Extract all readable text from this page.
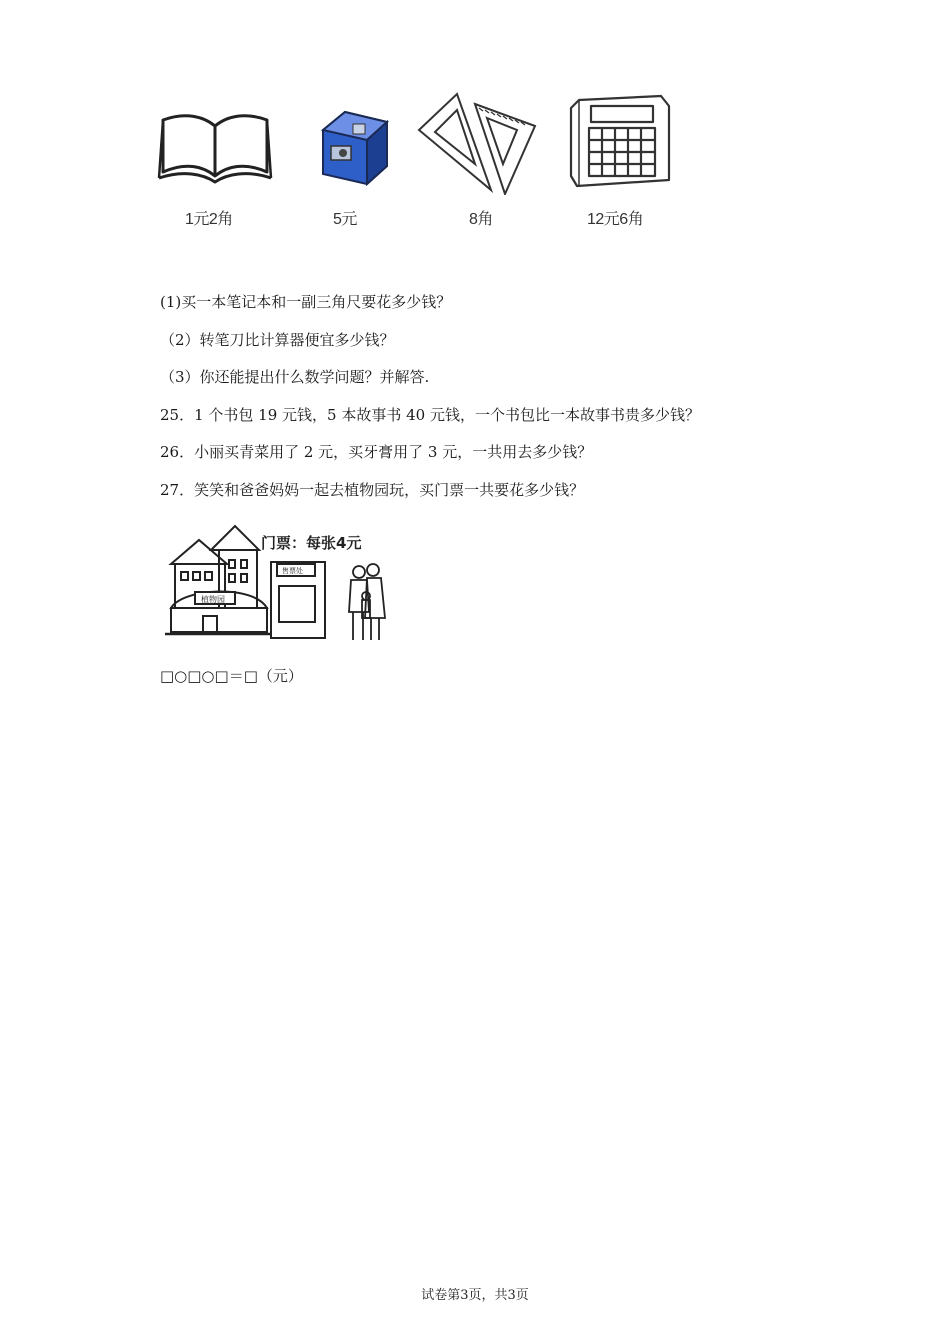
1元2角	5元	8角	12元6角
(1)买一本笔记本和一副三角尺要花多少钱？
（2）转笔刀比计算器便宜多少钱？
（3）你还能提出什么数学问题？并解答.
25．1 个书包 19 元钱，5 本故事书 40 元钱，一个书包比一本故事书贵多少钱？
26．小丽买青菜用了 2 元，买牙膏用了 3 元，一共用去多少钱？
27．笑笑和爸爸妈妈一起去植物园玩，买门票一共要花多少钱？
植物园
售票处
门票：每张4元
□○□○□＝□（元）
试卷第3页，共3页
